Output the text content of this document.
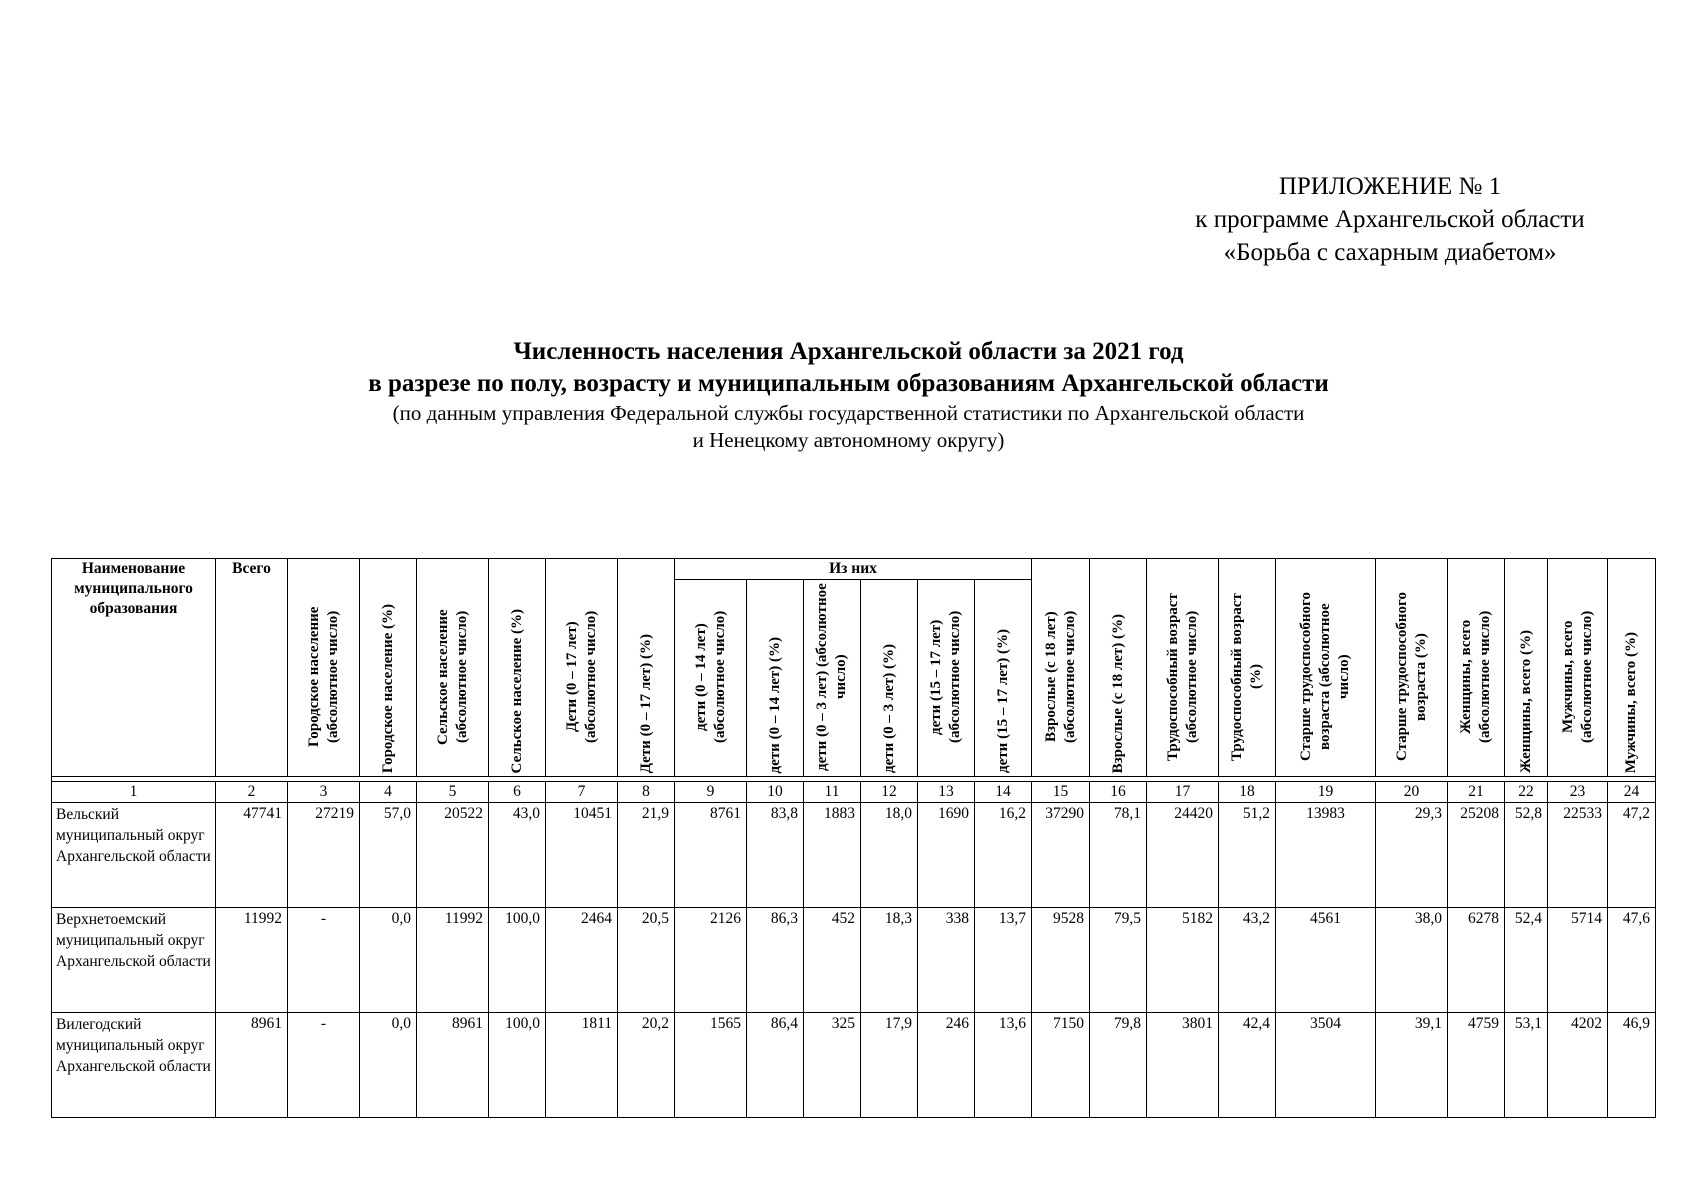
ПРИЛОЖЕНИЕ № 1
к программе Архангельской области
«Борьба с сахарным диабетом»
Численность населения Архангельской области за 2021 год
в разрезе по полу, возрасту и муниципальным образованиям Архангельской области
(по данным управления Федеральной службы государственной статистики по Архангельской области
и Ненецкому автономному округу)
Наименование муниципального образования	Всего	Городское население (абсолютное число)	Городское население (%)	Сельское население (абсолютное число)	Сельское население (%)	Дети (0 – 17 лет) (абсолютное число)	Дети (0 – 17 лет) (%)	Из них						Взрослые (с 18 лет) (абсолютное число)	Взрослые (с 18 лет) (%)	Трудоспособный возраст (абсолютное число)	Трудоспособный возраст (%)	Старше трудоспособного возраста (абсолютное число)	Старше трудоспособного возраста (%)	Женщины, всего (абсолютное число)	Женщины, всего (%)	Мужчины, всего (абсолютное число)	Мужчины, всего (%)

								дети (0 – 14 лет) (абсолютное число)	дети (0 – 14 лет) (%)	дети (0 – 3 лет) (абсолютное число)	дети (0 – 3 лет) (%)	дети (15 – 17 лет) (абсолютное число)	дети (15 – 17 лет) (%)										

1	2	3	4	5	6	7	8	9	10	11	12	13	14	15	16	17	18	19	20	21	22	23	24
Вельский муниципальный округ Архангельской области	47741	27219	57,0	20522	43,0	10451	21,9	8761	83,8	1883	18,0	1690	16,2	37290	78,1	24420	51,2	13983	29,3	25208	52,8	22533	47,2
Верхнетоемский муниципальный округ Архангельской области	11992	-	0,0	11992	100,0	2464	20,5	2126	86,3	452	18,3	338	13,7	9528	79,5	5182	43,2	4561	38,0	6278	52,4	5714	47,6
Вилегодский муниципальный округ Архангельской области	8961	-	0,0	8961	100,0	1811	20,2	1565	86,4	325	17,9	246	13,6	7150	79,8	3801	42,4	3504	39,1	4759	53,1	4202	46,9
